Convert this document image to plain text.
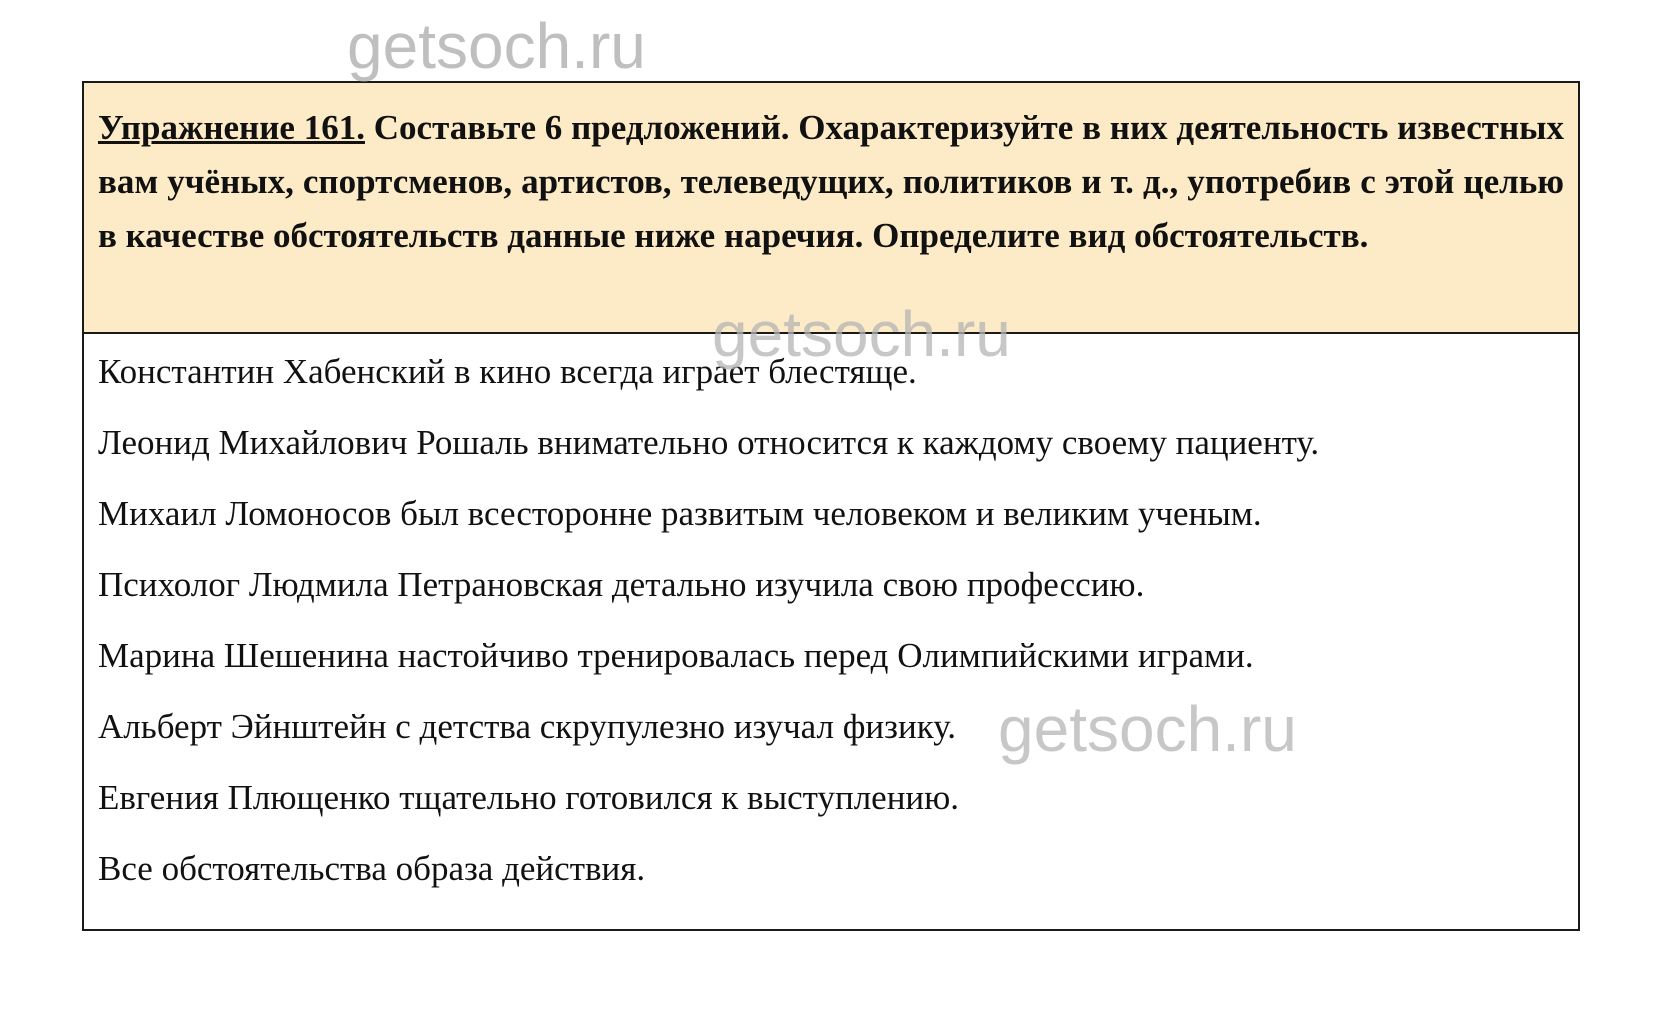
Упражнение 161. Составьте 6 предложений. Охарактеризуйте в них деятельность известных вам учёных, спортсменов, артистов, телеведущих, политиков и т. д., употребив с этой целью в качестве обстоятельств данные ниже наречия. Определите вид обстоятельств.
Константин Хабенский в кино всегда играет блестяще.
Леонид Михайлович Рошаль внимательно относится к каждому своему пациенту.
Михаил Ломоносов был всесторонне развитым человеком и великим ученым.
Психолог Людмила Петрановская детально изучила свою профессию.
Марина Шешенина настойчиво тренировалась перед Олимпийскими играми.
Альберт Эйнштейн с детства скрупулезно изучал физику.
Евгения Плющенко тщательно готовился к выступлению.
Все обстоятельства образа действия.
getsoch.ru
getsoch.ru
getsoch.ru
